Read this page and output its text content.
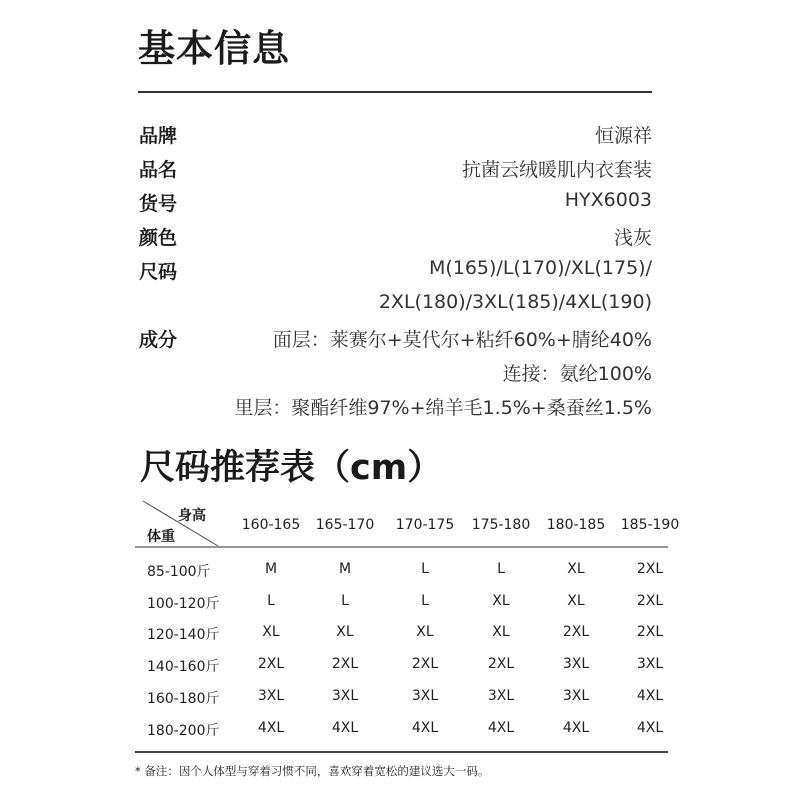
基本信息
品牌	恒源祥
品名	抗菌云绒暖肌内衣套装
货号	HYX6003
颜色	浅灰
尺码	M(165)/L(170)/XL(175)/
2XL(180)/3XL(185)/4XL(190)
成分	面层：莱赛尔+莫代尔+粘纤60%+腈纶40%
连接：氨纶100%
里层：聚酯纤维97%+绵羊毛1.5%+桑蚕丝1.5%
尺码推荐表（cm）
身高
体重
160-165	165-170	170-175	175-180	180-185	185-190
85-100斤	M	M	L	L	XL	2XL
100-120斤	L	L	L	XL	XL	2XL
120-140斤	XL	XL	XL	XL	2XL	2XL
140-160斤	2XL	2XL	2XL	2XL	3XL	3XL
160-180斤	3XL	3XL	3XL	3XL	3XL	4XL
180-200斤	4XL	4XL	4XL	4XL	4XL	4XL
* 备注：因个人体型与穿着习惯不同，喜欢穿着宽松的建议选大一码。
